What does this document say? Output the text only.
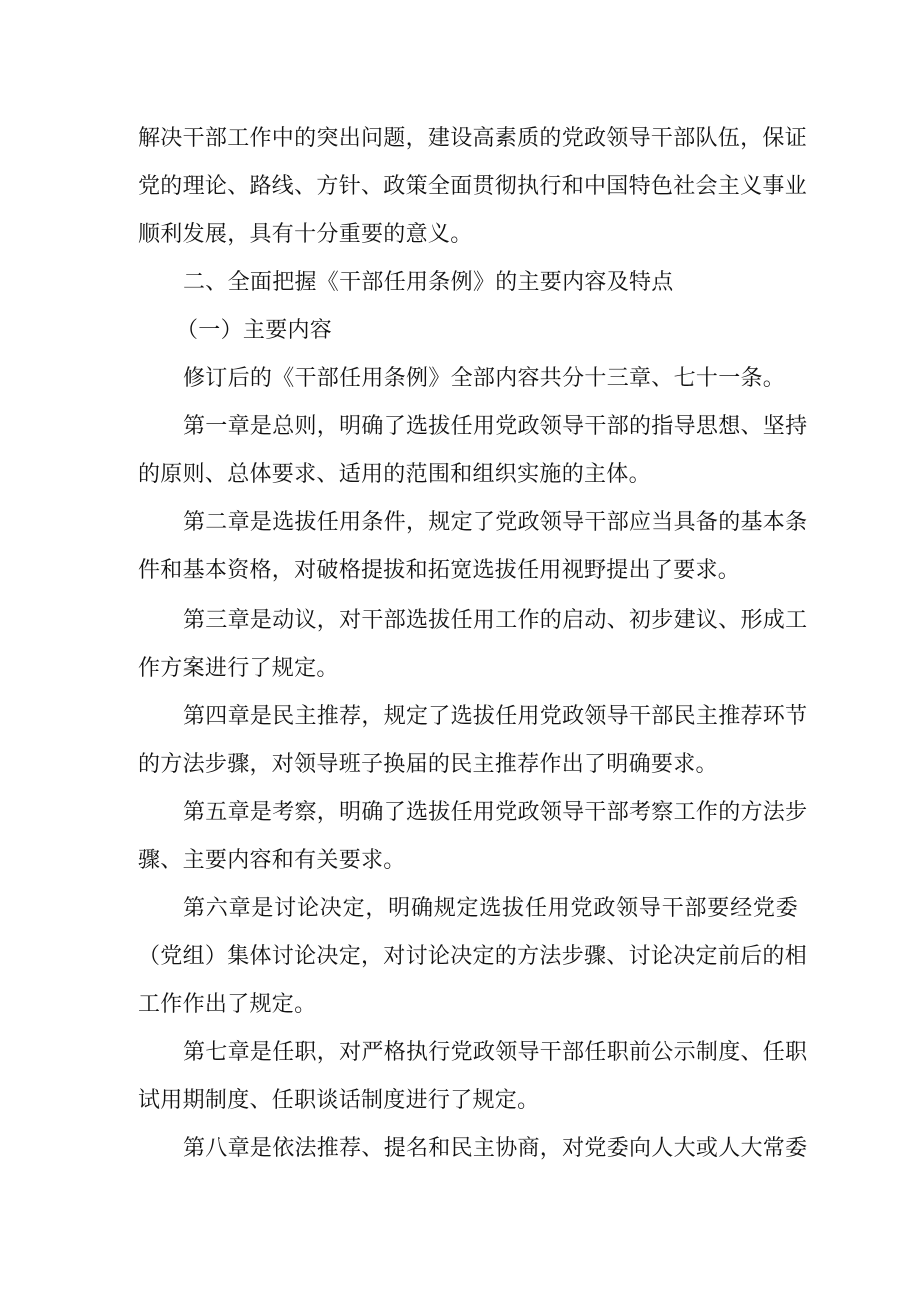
解决干部工作中的突出问题，建设高素质的党政领导干部队伍，保证
党的理论、路线、方针、政策全面贯彻执行和中国特色社会主义事业
顺利发展，具有十分重要的意义。
二、全面把握《干部任用条例》的主要内容及特点
（一）主要内容
修订后的《干部任用条例》全部内容共分十三章、七十一条。
第一章是总则，明确了选拔任用党政领导干部的指导思想、坚持
的原则、总体要求、适用的范围和组织实施的主体。
第二章是选拔任用条件，规定了党政领导干部应当具备的基本条
件和基本资格，对破格提拔和拓宽选拔任用视野提出了要求。
第三章是动议，对干部选拔任用工作的启动、初步建议、形成工
作方案进行了规定。
第四章是民主推荐，规定了选拔任用党政领导干部民主推荐环节
的方法步骤，对领导班子换届的民主推荐作出了明确要求。
第五章是考察，明确了选拔任用党政领导干部考察工作的方法步
骤、主要内容和有关要求。
第六章是讨论决定，明确规定选拔任用党政领导干部要经党委
（党组）集体讨论决定，对讨论决定的方法步骤、讨论决定前后的相
工作作出了规定。
第七章是任职，对严格执行党政领导干部任职前公示制度、任职
试用期制度、任职谈话制度进行了规定。
第八章是依法推荐、提名和民主协商，对党委向人大或人大常委
